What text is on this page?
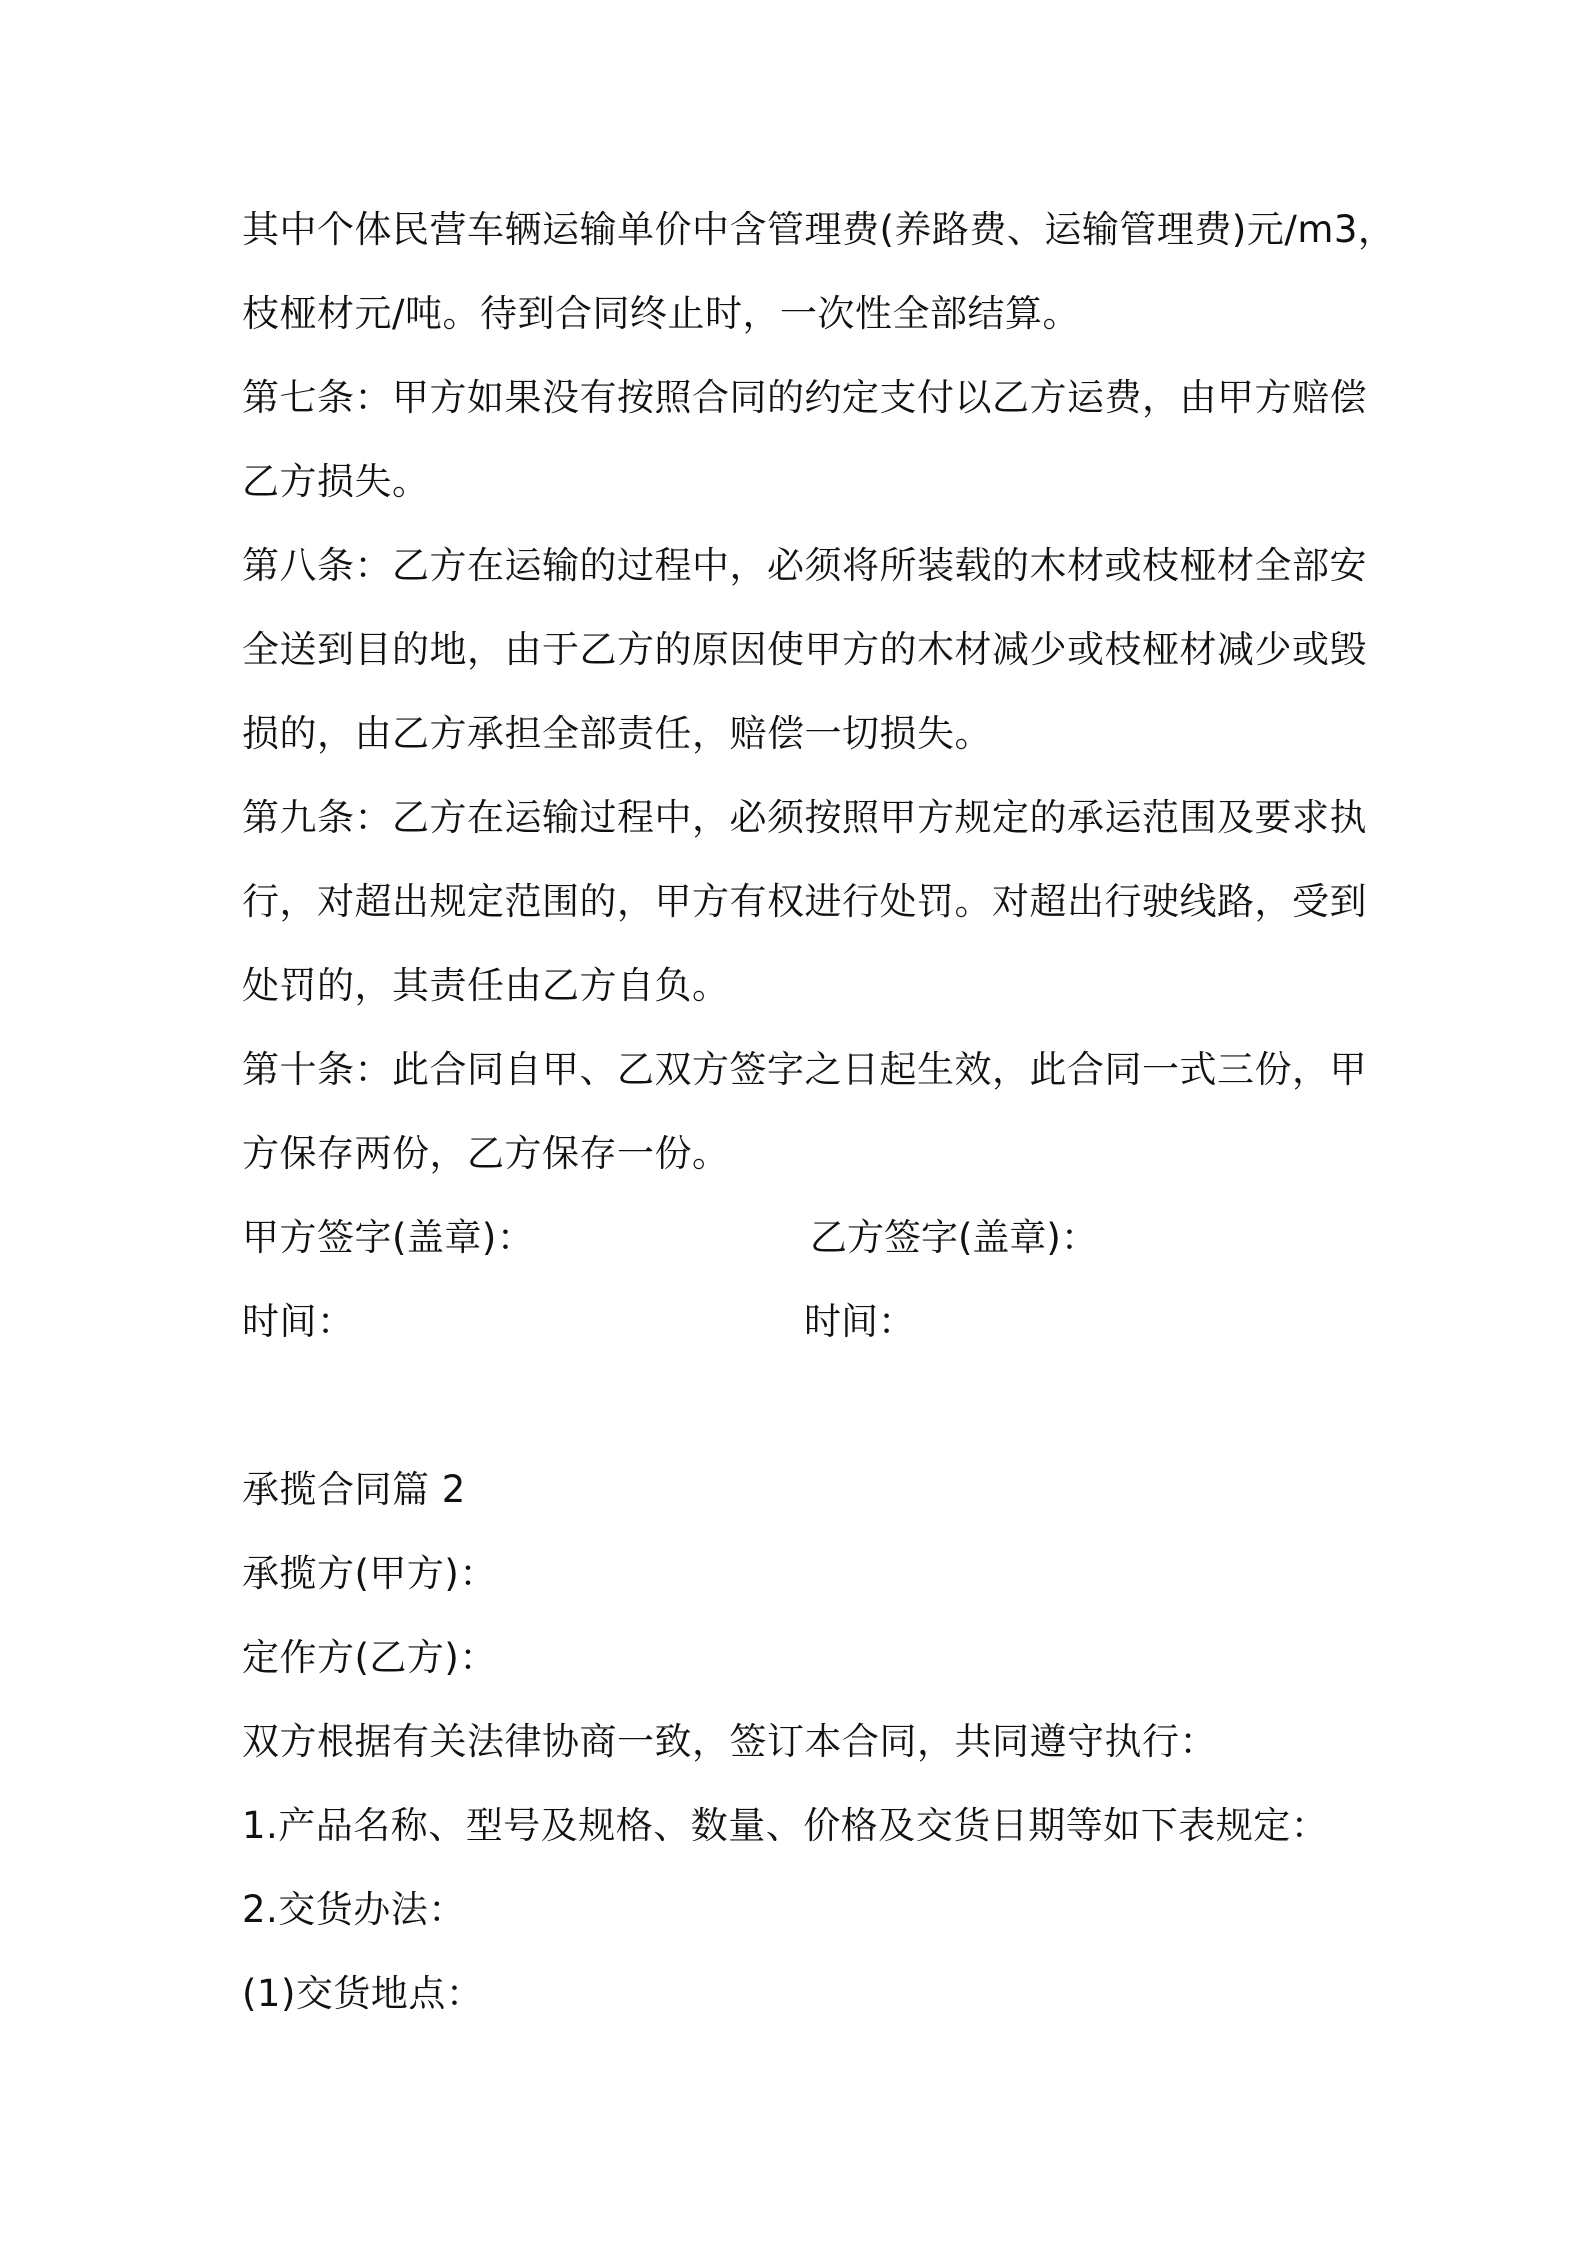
其中个体民营车辆运输单价中含管理费(养路费、运输管理费)元/m3，
枝桠材元/吨。待到合同终止时，一次性全部结算。
第七条：甲方如果没有按照合同的约定支付以乙方运费，由甲方赔偿
乙方损失。
第八条：乙方在运输的过程中，必须将所装载的木材或枝桠材全部安
全送到目的地，由于乙方的原因使甲方的木材减少或枝桠材减少或毁
损的，由乙方承担全部责任，赔偿一切损失。
第九条：乙方在运输过程中，必须按照甲方规定的承运范围及要求执
行，对超出规定范围的，甲方有权进行处罚。对超出行驶线路，受到
处罚的，其责任由乙方自负。
第十条：此合同自甲、乙双方签字之日起生效，此合同一式三份，甲
方保存两份，乙方保存一份。
甲方签字(盖章)：	乙方签字(盖章)：
时间：	时间：
承揽合同篇 2
承揽方(甲方)：
定作方(乙方)：
双方根据有关法律协商一致，签订本合同，共同遵守执行：
1.产品名称、型号及规格、数量、价格及交货日期等如下表规定：
2.交货办法：
(1)交货地点：
